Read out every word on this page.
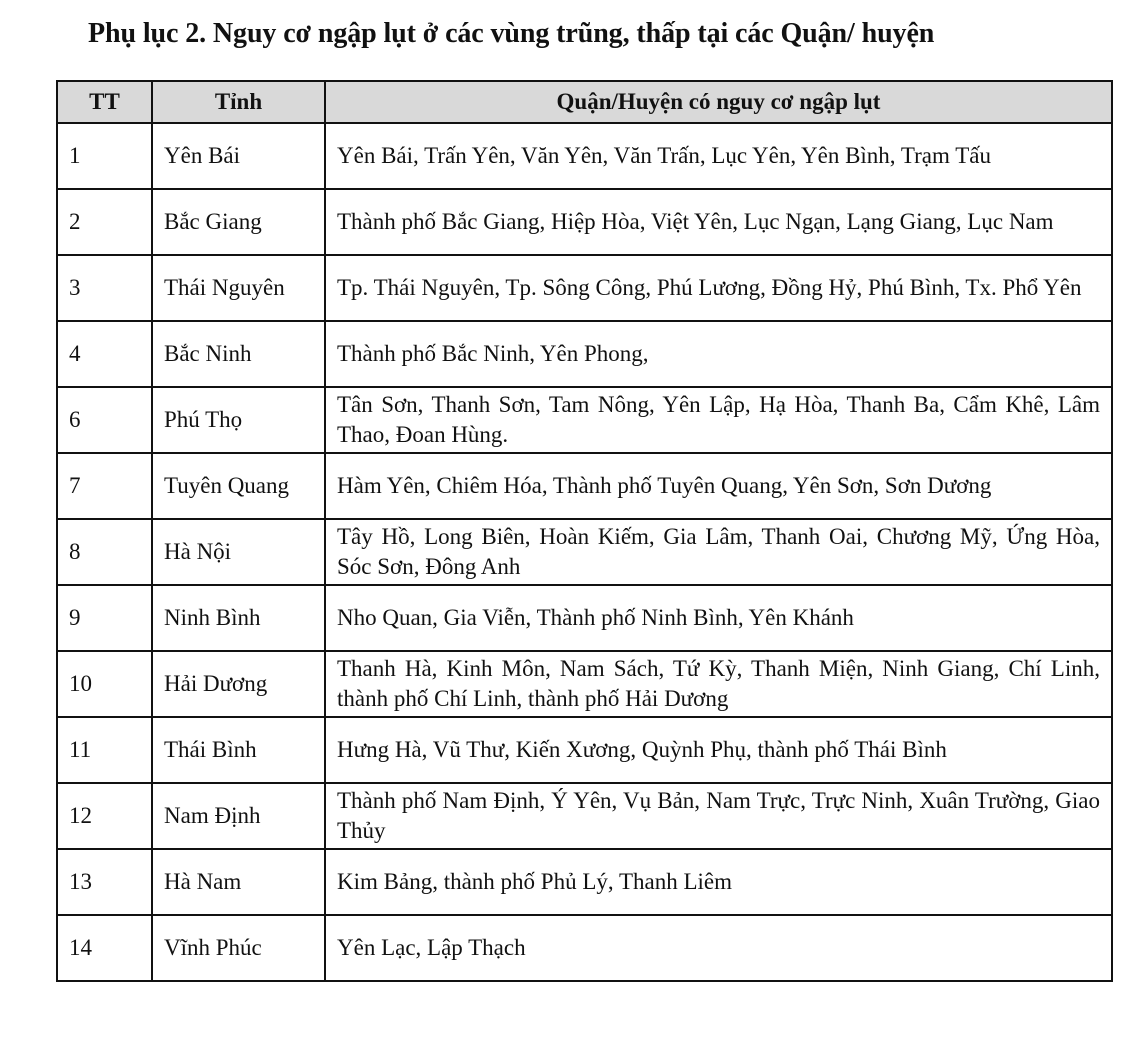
Phụ lục 2. Nguy cơ ngập lụt ở các vùng trũng, thấp tại các Quận/ huyện
TT	Tỉnh	Quận/Huyện có nguy cơ ngập lụt
1	Yên Bái	Yên Bái, Trấn Yên, Văn Yên, Văn Trấn, Lục Yên, Yên Bình, Trạm Tấu
2	Bắc Giang	Thành phố Bắc Giang, Hiệp Hòa, Việt Yên, Lục Ngạn, Lạng Giang, Lục Nam
3	Thái Nguyên	Tp. Thái Nguyên, Tp. Sông Công, Phú Lương, Đồng Hỷ, Phú Bình, Tx. Phổ Yên
4	Bắc Ninh	Thành phố Bắc Ninh, Yên Phong,
6	Phú Thọ	Tân Sơn, Thanh Sơn, Tam Nông, Yên Lập, Hạ Hòa, Thanh Ba, Cẩm Khê, Lâm Thao, Đoan Hùng.
7	Tuyên Quang	Hàm Yên, Chiêm Hóa, Thành phố Tuyên Quang, Yên Sơn, Sơn Dương
8	Hà Nội	Tây Hồ, Long Biên, Hoàn Kiếm, Gia Lâm, Thanh Oai, Chương Mỹ, Ứng Hòa, Sóc Sơn, Đông Anh
9	Ninh Bình	Nho Quan, Gia Viễn, Thành phố Ninh Bình, Yên Khánh
10	Hải Dương	Thanh Hà, Kinh Môn, Nam Sách, Tứ Kỳ, Thanh Miện, Ninh Giang, Chí Linh, thành phố Chí Linh, thành phố Hải Dương
11	Thái Bình	Hưng Hà, Vũ Thư, Kiến Xương, Quỳnh Phụ, thành phố Thái Bình
12	Nam Định	Thành phố Nam Định, Ý Yên, Vụ Bản, Nam Trực, Trực Ninh, Xuân Trường, Giao Thủy
13	Hà Nam	Kim Bảng, thành phố Phủ Lý, Thanh Liêm
14	Vĩnh Phúc	Yên Lạc, Lập Thạch
